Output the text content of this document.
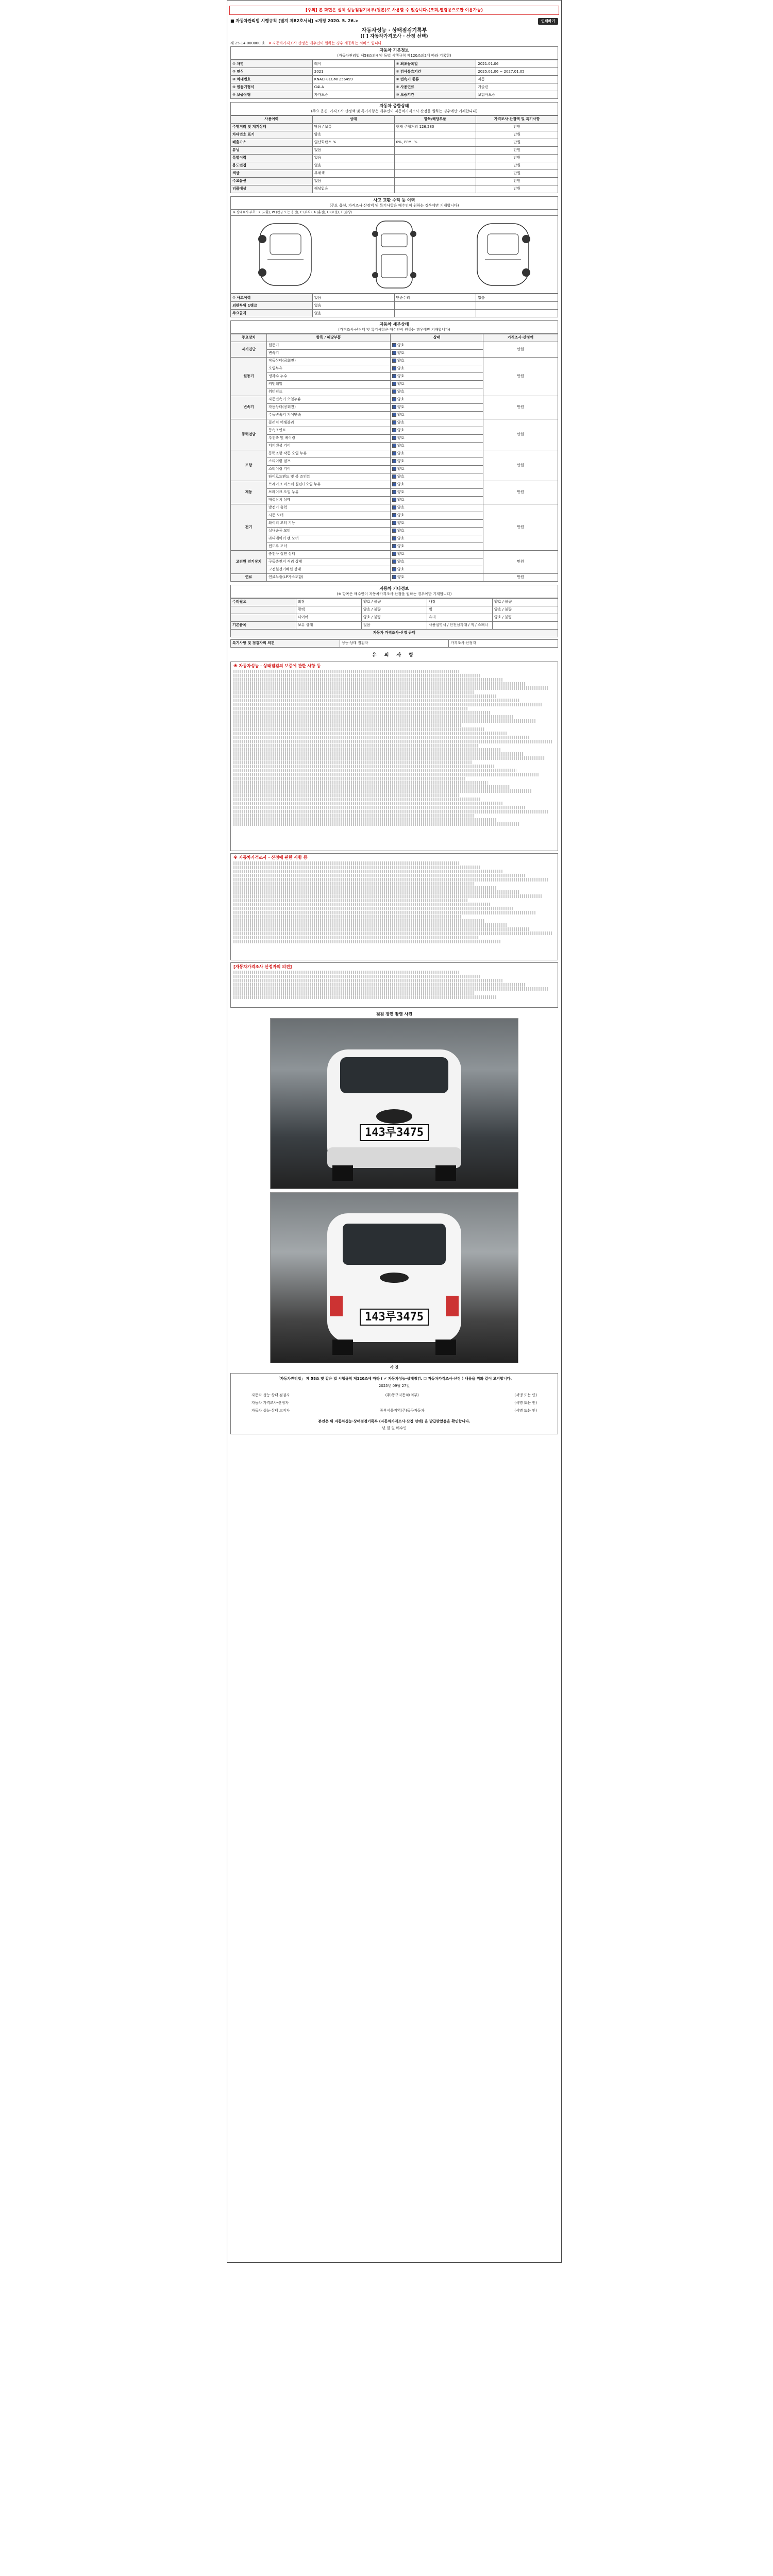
[주의] 본 화면은 실제 성능점검기록부(원본)로 사용할 수 없습니다.(조회,열람용으로만 이용가능)
■ 자동차관리법 시행규칙 [별지 제82호서식] <개정 2020. 5. 26.>	인쇄하기
자동차성능 · 상태점검기록부
([ ] 자동차가격조사 · 산정 선택)
제 25-14-000000 호 ※ 자동차가격조사·산정은 매수인이 원하는 경우 제공하는 서비스 입니다.
자동차 기본정보
(자동차관리법 제58조의4 및 동법 시행규칙 제120조의2에 따라 기록함)
① 차명	레이	⑥ 최초등록일	2021.01.06
② 연식	2021	⑦ 검사유효기간	2025.01.06 ~ 2027.01.05
③ 차대번호	KNACF81GMT256499	⑧ 변속기 종류	자동
④ 원동기형식	G4LA	⑨ 사용연료	가솔린
⑤ 보증유형	자가보증	⑩ 보증기간	보험사보증
자동차 종합상태
(주요 옵션, 가격조사·산정액 및 특기사항은 매수인이 자동차가격조사·산정을 원하는 경우에만 기재합니다)
사용이력	상태	항목/해당부품	가격조사·산정액 및 특기사항
주행거리 및 계기상태	많음 / 보통	현재 주행거리 126,280	만원
차대번호 표기	양호		만원
배출가스	일산화탄소 %	0%, PPM, %	만원
튜닝	없음		만원
특별이력	없음		만원
용도변경	없음		만원
색상	무채색		만원
주요옵션	없음		만원
리콜대상	해당없음		만원
사고 교환 수리 등 이력
(주요 옵션, 가격조사·산정액 및 특기사항은 매수인이 원하는 경우에만 기재합니다)
※ 상태표시 부호 : X (교환), W (판금 또는 용접), C (부식), A (흠집), U (요철), T (손상)
① 사고이력	없음	단순수리	없음
외판부위 1랭크	없음		
주요골격	없음		
자동차 세부상태
(가격조사·산정액 및 특기사항은 매수인이 원하는 경우에만 기재합니다)
주요장치	항목 / 해당부품	상태	가격조사·산정액
자기진단	원동기	양호	만원
	변속기	양호	
원동기	작동상태(공회전)	양호	만원
	오일누유	양호	
	냉각수 누수	양호	
	커먼레일	양호	
	워터펌프	양호	
변속기	자동변속기 오일누유	양호	만원
	작동상태(공회전)	양호	
	수동변속기 기어변속	양호	
동력전달	클러치 어셈블리	양호	만원
	등속조인트	양호	
	추진축 및 베어링	양호	
	디퍼렌셜 기어	양호	
조향	동력조향 작동 오일 누유	양호	만원
	스티어링 펌프	양호	
	스티어링 기어	양호	
	타이로드엔드 및 볼 조인트	양호	
제동	브레이크 마스터 실린더오일 누유	양호	만원
	브레이크 오일 누유	양호	
	배력장치 상태	양호	
전기	발전기 출력	양호	만원
	시동 모터	양호	
	와이퍼 모터 기능	양호	
	실내송풍 모터	양호	
	라디에이터 팬 모터	양호	
	윈도우 모터	양호	
고전원 전기장치	충전구 절연 상태	양호	만원
	구동축전지 격리 상태	양호	
	고전원전기배선 상태	양호	
연료	연료누출(LP가스포함)	양호	만원
자동차 기타정보
(※ 항목은 매수인이 자동차가격조사·산정을 원하는 경우에만 기재합니다)
수리필요	외장	양호 / 불량	내장	양호 / 불량
	광택	양호 / 불량	휠	양호 / 불량
	타이어	양호 / 불량	유리	양호 / 불량
기본품목	보유 상태	없음	사용설명서 / 안전삼각대 / 잭 / 스패너	
자동차 가격조사·산정 금액				
특기사항 및 점검자의 의견	성능·상태 점검자	가격조사·산정자
유 의 사 항
※ 자동차성능 · 상태점검의 보증에 관한 사항 등
※ 자동차가격조사 · 산정에 관한 사항 등
[자동차가격조사 산정자의 의견]
점검 장면 촬영 사진
143루3475
143루3475
사 진
「자동차관리법」 제 58조 및 같은 법 시행규칙 제120조에 따라 ( ✔ 자동차성능·상태점검, ☐ 자동차가격조사·산정 ) 내용을 위와 같이 고지합니다.
2025년 09월 27일
자동차 성능·상태 점검자	(주)동구자동차(외부)	(서명 또는 인)
자동차 가격조사·산정자	(서명 또는 인)
자동차 성능·상태 고지자	중부서울지역(주)동구자동차	(서명 또는 인)
본인은 위 자동차성능·상태점검기록부 (자동차가격조사·산정 선택) 을 발급받았음을 확인합니다.
년 월 일 매수인
